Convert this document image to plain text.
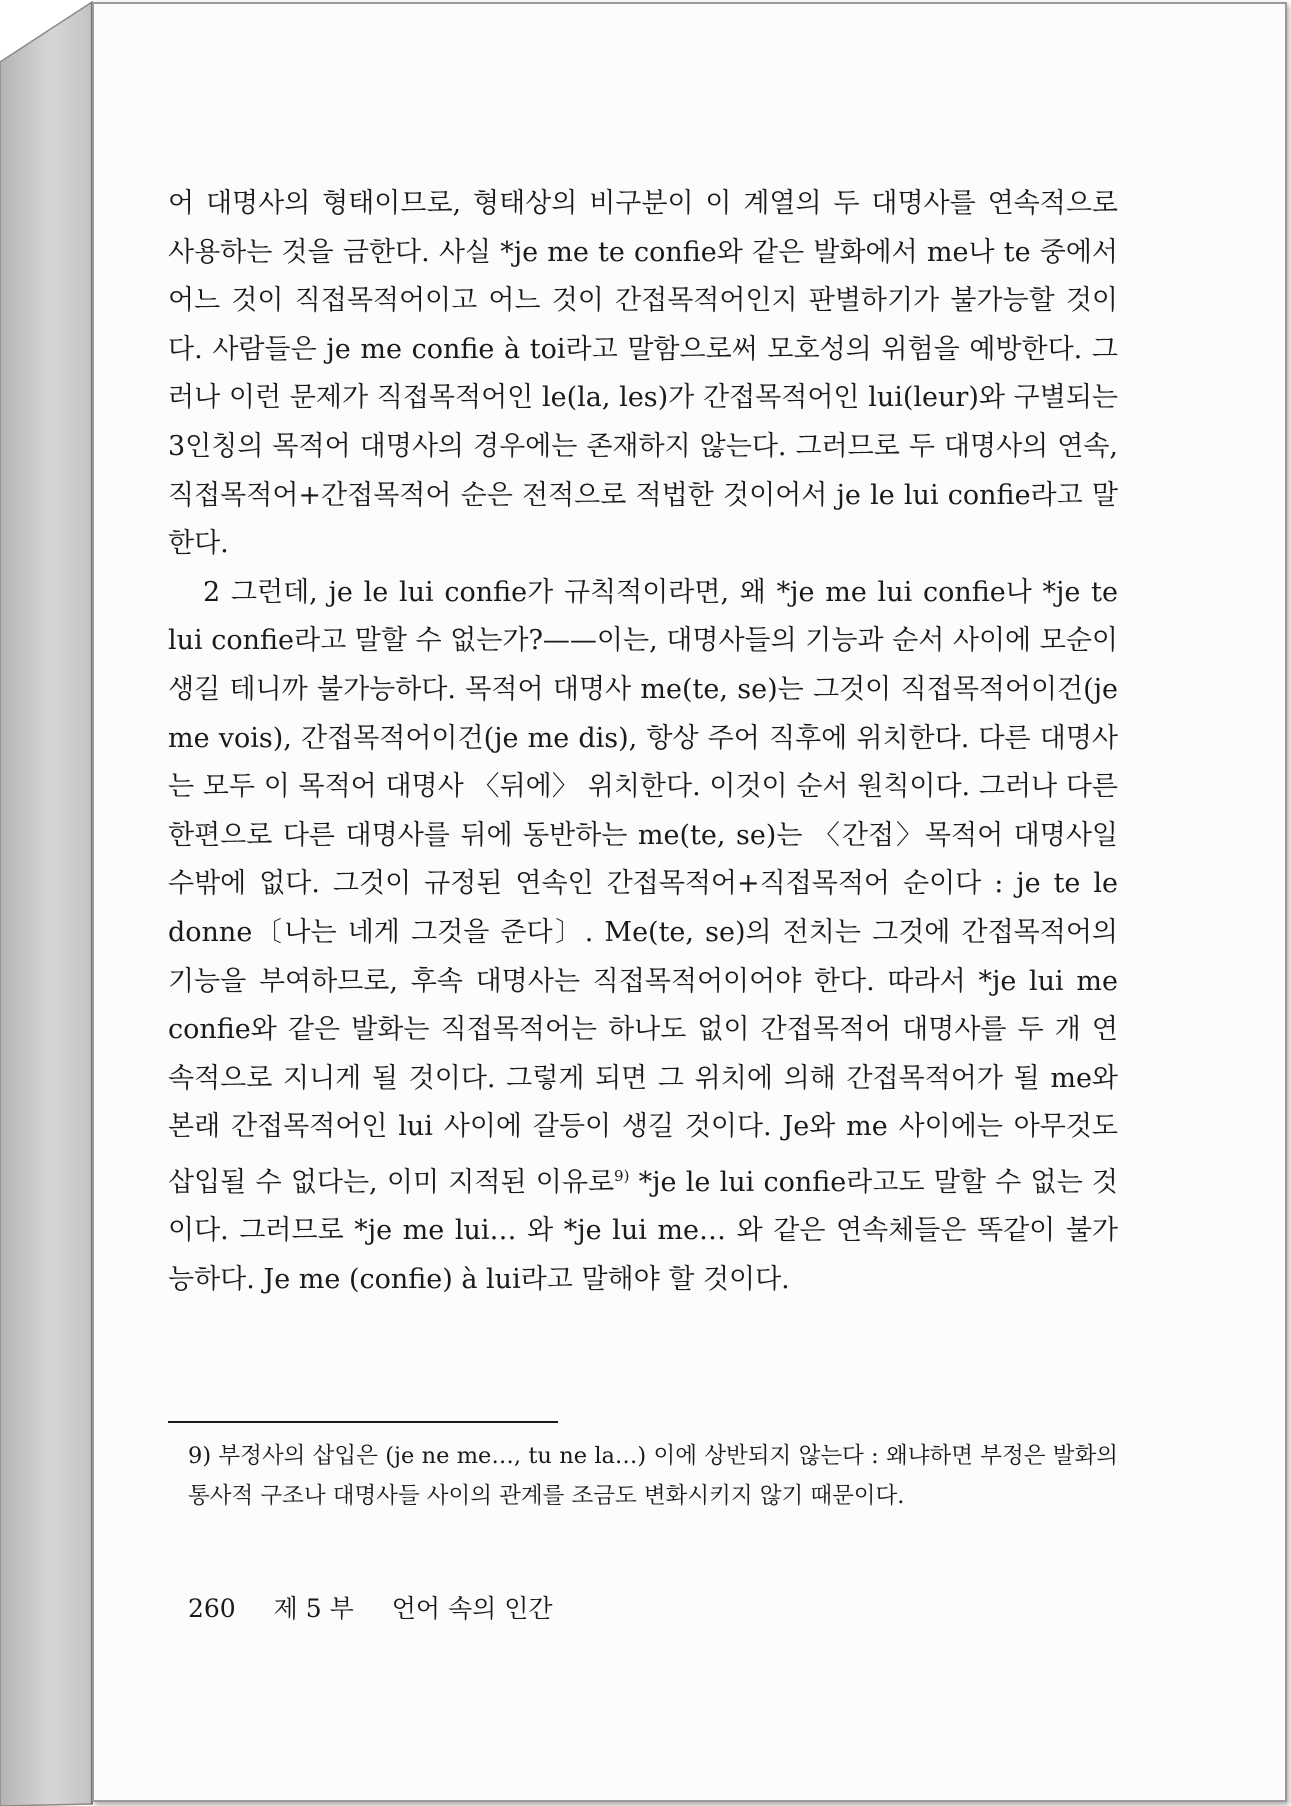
어 대명사의 형태이므로, 형태상의 비구분이 이 계열의 두 대명사를 연속적으로 사용하는 것을 금한다. 사실 *je me te confie와 같은 발화에서 me나 te 중에서 어느 것이 직접목적어이고 어느 것이 간접목적어인지 판별하기가 불가능할 것이다. 사람들은 je me confie à toi라고 말함으로써 모호성의 위험을 예방한다. 그러나 이런 문제가 직접목적어인 le(la, les)가 간접목적어인 lui(leur)와 구별되는 3인칭의 목적어 대명사의 경우에는 존재하지 않는다. 그러므로 두 대명사의 연속, 직접목적어+간접목적어 순은 전적으로 적법한 것이어서 je le lui confie라고 말한다.

2 그런데, je le lui confie가 규칙적이라면, 왜 *je me lui confie나 *je te lui confie라고 말할 수 없는가?——이는, 대명사들의 기능과 순서 사이에 모순이 생길 테니까 불가능하다. 목적어 대명사 me(te, se)는 그것이 직접목적어이건(je me vois), 간접목적어이건(je me dis), 항상 주어 직후에 위치한다. 다른 대명사는 모두 이 목적어 대명사 〈뒤에〉 위치한다. 이것이 순서 원칙이다. 그러나 다른 한편으로 다른 대명사를 뒤에 동반하는 me(te, se)는 〈간접〉목적어 대명사일 수밖에 없다. 그것이 규정된 연속인 간접목적어+직접목적어 순이다 : je te le donne〔나는 네게 그것을 준다〕. Me(te, se)의 전치는 그것에 간접목적어의 기능을 부여하므로, 후속 대명사는 직접목적어이어야 한다. 따라서 *je lui me confie와 같은 발화는 직접목적어는 하나도 없이 간접목적어 대명사를 두 개 연속적으로 지니게 될 것이다. 그렇게 되면 그 위치에 의해 간접목적어가 될 me와 본래 간접목적어인 lui 사이에 갈등이 생길 것이다. Je와 me 사이에는 아무것도 삽입될 수 없다는, 이미 지적된 이유로$^{9)}$ *je le lui confie라고도 말할 수 없는 것이다. 그러므로 *je me lui… 와 *je lui me… 와 같은 연속체들은 똑같이 불가능하다. Je me (confie) à lui라고 말해야 할 것이다.

9) 부정사의 삽입은 (je ne me…, tu ne la…) 이에 상반되지 않는다 : 왜냐하면 부정은 발화의 통사적 구조나 대명사들 사이의 관계를 조금도 변화시키지 않기 때문이다.
260 제 5 부 언어 속의 인간
